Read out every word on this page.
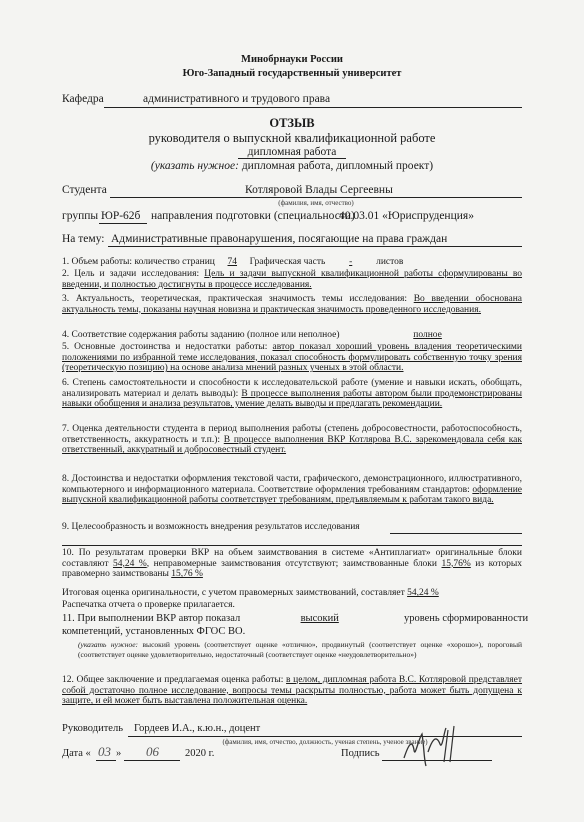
Минобрнауки России
Юго-Западный государственный университет
Кафедра	административного и трудового права
ОТЗЫВ
руководителя о выпускной квалификационной работе
дипломная работа
(указать нужное: дипломная работа, дипломный проект)
Студента	Котляровой Влады Сергеевны
(фамилия, имя, отчество)
группы ЮР-62б направления подготовки (специальности)
40.03.01 «Юриспруденция»
На тему: Административные правонарушения, посягающие на права граждан
1. Объем работы: количество страниц 74 Графическая часть	-	листов
2. Цель и задачи исследования: Цель и задачи выпускной квалификационной работы сформулированы во введении, и полностью достигнуты в процессе исследования.
3. Актуальность, теоретическая, практическая значимость темы исследования: Во введении обоснована актуальность темы, показаны научная новизна и практическая значимость проведенного исследования.
4. Соответствие содержания работы заданию (полное или неполное)	полное
5. Основные достоинства и недостатки работы: автор показал хороший уровень владения теоретическими положениями по избранной теме исследования, показал способность формулировать собственную точку зрения (теоретическую позицию) на основе анализа мнений разных ученых в этой области.
6. Степень самостоятельности и способности к исследовательской работе (умение и навыки искать, обобщать, анализировать материал и делать выводы): В процессе выполнения работы автором были продемонстрированы навыки обобщения и анализа результатов, умение делать выводы и предлагать рекомендации.
7. Оценка деятельности студента в период выполнения работы (степень добросовестности, работоспособность, ответственность, аккуратность и т.п.): В процессе выполнения ВКР Котлярова В.С. зарекомендовала себя как ответственный, аккуратный и добросовестный студент.
8. Достоинства и недостатки оформления текстовой части, графического, демонстрационного, иллюстративного, компьютерного и информационного материала. Соответствие оформления требованиям стандартов: оформление выпускной квалификационной работы соответствует требованиям, предъявляемым к работам такого вида.
9. Целесообразность и возможность внедрения результатов исследования
10. По результатам проверки ВКР на объем заимствования в системе «Антиплагиат» оригинальные блоки составляют 54,24 %, неправомерные заимствования отсутствуют; заимствованные блоки 15,76% из которых правомерно заимствованы 15,76 %
Итоговая оценка оригинальности, с учетом правомерных заимствований, составляет 54,24 %
Распечатка отчета о проверке прилагается.
11. При выполнении ВКР автор показал	высокий	уровень сформированности
компетенций, установленных ФГОС ВО.
(указать нужное: высокий уровень (соответствует оценке «отлично», продвинутый (соответствует оценке «хорошо»), пороговый (соответствует оценке удовлетворительно, недостаточный (соответствует оценке «неудовлетворительно»)
12. Общее заключение и предлагаемая оценка работы: в целом, дипломная работа В.С. Котляровой представляет собой достаточно полное исследование, вопросы темы раскрыты полностью, работа может быть допущена к защите, и ей может быть выставлена положительная оценка.
Руководитель Гордеев И.А., к.ю.н., доцент
(фамилия, имя, отчество, должность, ученая степень, ученое звание)
Дата « 03 » 06 2020 г.	Подпись
